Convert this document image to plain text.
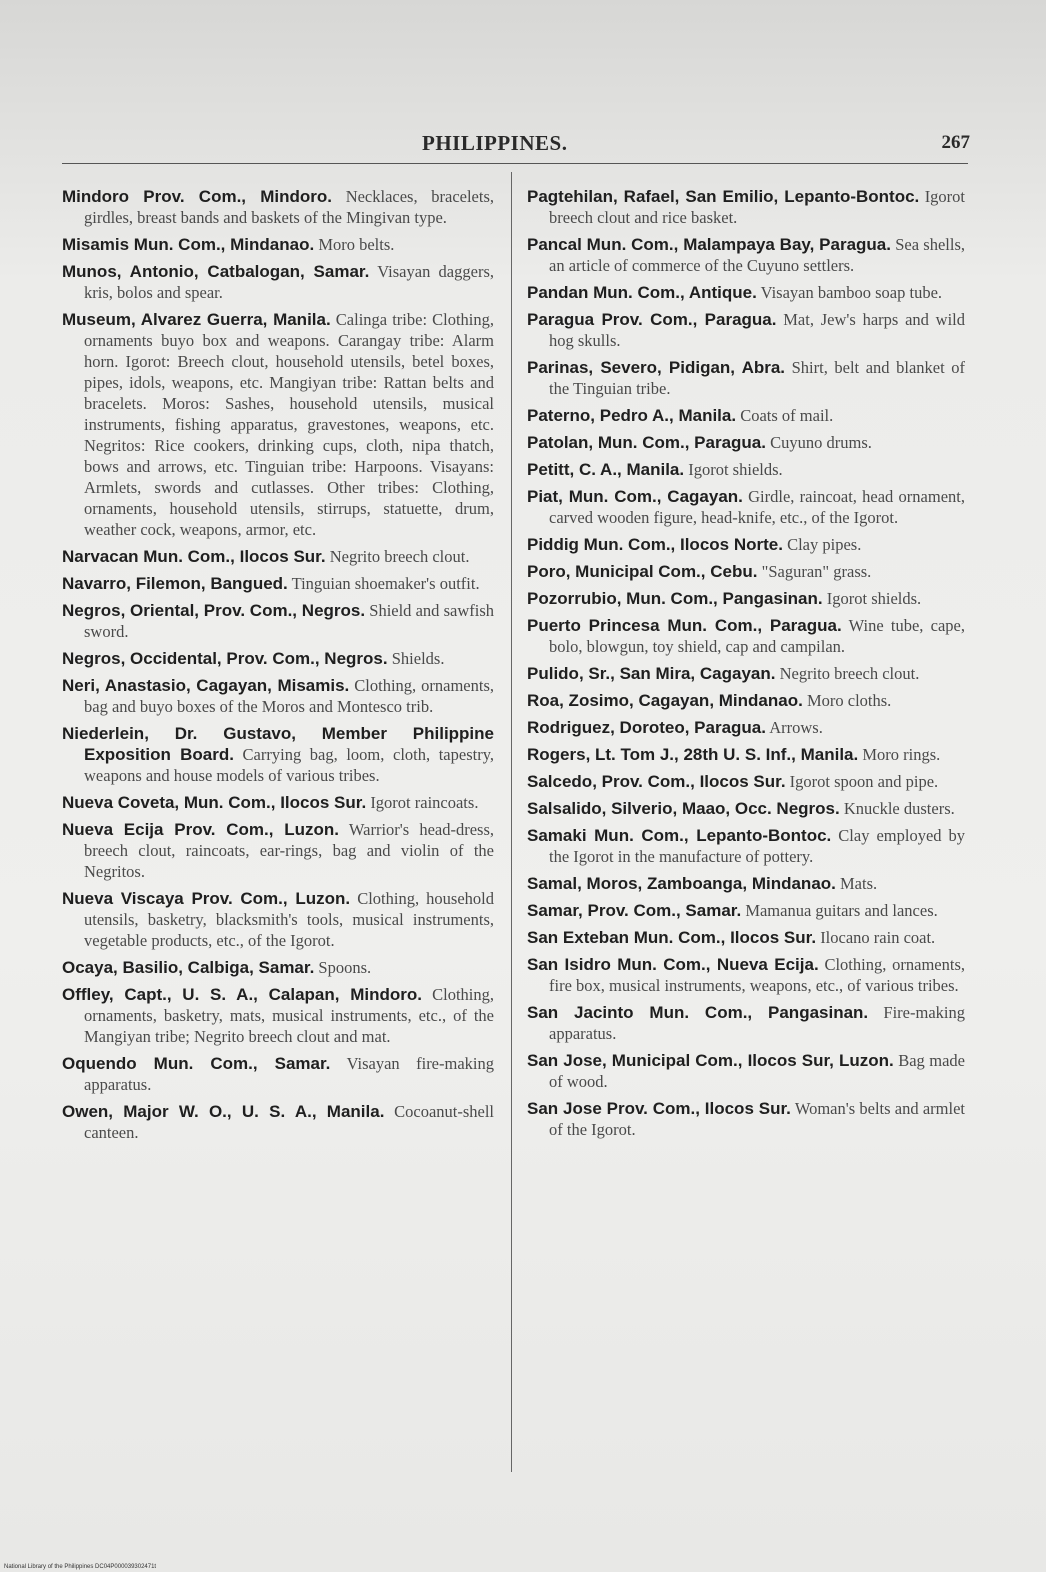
PHILIPPINES.	267

Mindoro Prov. Com., Mindoro. Necklaces, bracelets, girdles, breast bands and baskets of the Mingivan type.

Misamis Mun. Com., Mindanao. Moro belts.

Munos, Antonio, Catbalogan, Samar. Visayan daggers, kris, bolos and spear.

Museum, Alvarez Guerra, Manila. Calinga tribe: Clothing, ornaments buyo box and weapons. Carangay tribe: Alarm horn. Igorot: Breech clout, household utensils, betel boxes, pipes, idols, weapons, etc. Mangiyan tribe: Rattan belts and bracelets. Moros: Sashes, household utensils, musical instruments, fishing apparatus, gravestones, weapons, etc. Negritos: Rice cookers, drinking cups, cloth, nipa thatch, bows and arrows, etc. Tinguian tribe: Harpoons. Visayans: Armlets, swords and cutlasses. Other tribes: Clothing, ornaments, household utensils, stirrups, statuette, drum, weather cock, weapons, armor, etc.

Narvacan Mun. Com., Ilocos Sur. Negrito breech clout.

Navarro, Filemon, Bangued. Tinguian shoemaker's outfit.

Negros, Oriental, Prov. Com., Negros. Shield and sawfish sword.

Negros, Occidental, Prov. Com., Negros. Shields.

Neri, Anastasio, Cagayan, Misamis. Clothing, ornaments, bag and buyo boxes of the Moros and Montesco trib.

Niederlein, Dr. Gustavo, Member Philippine Exposition Board. Carrying bag, loom, cloth, tapestry, weapons and house models of various tribes.

Nueva Coveta, Mun. Com., Ilocos Sur. Igorot raincoats.

Nueva Ecija Prov. Com., Luzon. Warrior's head-dress, breech clout, raincoats, ear-rings, bag and violin of the Negritos.

Nueva Viscaya Prov. Com., Luzon. Clothing, household utensils, basketry, blacksmith's tools, musical instruments, vegetable products, etc., of the Igorot.

Ocaya, Basilio, Calbiga, Samar. Spoons.

Offley, Capt., U. S. A., Calapan, Mindoro. Clothing, ornaments, basketry, mats, musical instruments, etc., of the Mangiyan tribe; Negrito breech clout and mat.

Oquendo Mun. Com., Samar. Visayan fire-making apparatus.

Owen, Major W. O., U. S. A., Manila. Cocoanut-shell canteen.

Pagtehilan, Rafael, San Emilio, Lepanto-Bontoc. Igorot breech clout and rice basket.

Pancal Mun. Com., Malampaya Bay, Paragua. Sea shells, an article of commerce of the Cuyuno settlers.

Pandan Mun. Com., Antique. Visayan bamboo soap tube.

Paragua Prov. Com., Paragua. Mat, Jew's harps and wild hog skulls.

Parinas, Severo, Pidigan, Abra. Shirt, belt and blanket of the Tinguian tribe.

Paterno, Pedro A., Manila. Coats of mail.

Patolan, Mun. Com., Paragua. Cuyuno drums.

Petitt, C. A., Manila. Igorot shields.

Piat, Mun. Com., Cagayan. Girdle, raincoat, head ornament, carved wooden figure, head-knife, etc., of the Igorot.

Piddig Mun. Com., Ilocos Norte. Clay pipes.

Poro, Municipal Com., Cebu. "Saguran" grass.

Pozorrubio, Mun. Com., Pangasinan. Igorot shields.

Puerto Princesa Mun. Com., Paragua. Wine tube, cape, bolo, blowgun, toy shield, cap and campilan.

Pulido, Sr., San Mira, Cagayan. Negrito breech clout.

Roa, Zosimo, Cagayan, Mindanao. Moro cloths.

Rodriguez, Doroteo, Paragua. Arrows.

Rogers, Lt. Tom J., 28th U. S. Inf., Manila. Moro rings.

Salcedo, Prov. Com., Ilocos Sur. Igorot spoon and pipe.

Salsalido, Silverio, Maao, Occ. Negros. Knuckle dusters.

Samaki Mun. Com., Lepanto-Bontoc. Clay employed by the Igorot in the manufacture of pottery.

Samal, Moros, Zamboanga, Mindanao. Mats.

Samar, Prov. Com., Samar. Mamanua guitars and lances.

San Exteban Mun. Com., Ilocos Sur. Ilocano rain coat.

San Isidro Mun. Com., Nueva Ecija. Clothing, ornaments, fire box, musical instruments, weapons, etc., of various tribes.

San Jacinto Mun. Com., Pangasinan. Fire-making apparatus.

San Jose, Municipal Com., Ilocos Sur, Luzon. Bag made of wood.

San Jose Prov. Com., Ilocos Sur. Woman's belts and armlet of the Igorot.

National Library of the Philippines DC04P000039302471t
